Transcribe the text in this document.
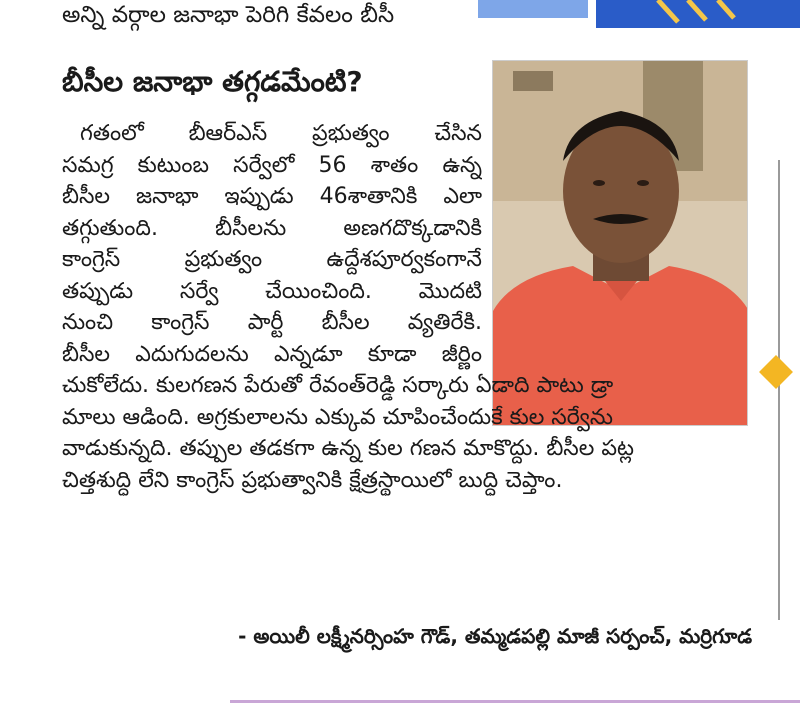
అన్ని వర్గాల జనాభా పెరిగి కేవలం బీసీ
బీసీల జనాభా తగ్గడమేంటి?
గతంలో బీఆర్ఎస్ ప్రభుత్వం చేసిన
సమగ్ర కుటుంబ సర్వేలో 56 శాతం ఉన్న
బీసీల జనాభా ఇప్పుడు 46శాతానికి ఎలా
తగ్గుతుంది. బీసీలను అణగదొక్కడానికి
కాంగ్రెస్ ప్రభుత్వం ఉద్దేశపూర్వకంగానే
తప్పుడు సర్వే చేయించింది. మొదటి
నుంచి కాంగ్రెస్ పార్టీ బీసీల వ్యతిరేకి.
బీసీల ఎదుగుదలను ఎన్నడూ కూడా జీర్ణిం
చుకోలేదు. కులగణన పేరుతో రేవంత్‌రెడ్డి సర్కారు ఏడాది పాటు డ్రా
మాలు ఆడింది. అగ్రకులాలను ఎక్కువ చూపించేందుకే కుల సర్వేను
వాడుకున్నది. తప్పుల తడకగా ఉన్న కుల గణన మాకొద్దు. బీసీల పట్ల
చిత్తశుద్ధి లేని కాంగ్రెస్ ప్రభుత్వానికి క్షేత్రస్థాయిలో బుద్ధి చెప్తాం.
- అయిలీ లక్ష్మీనర్సింహ గౌడ్, తమ్మడపల్లి మాజీ సర్పంచ్, మర్రిగూడ
